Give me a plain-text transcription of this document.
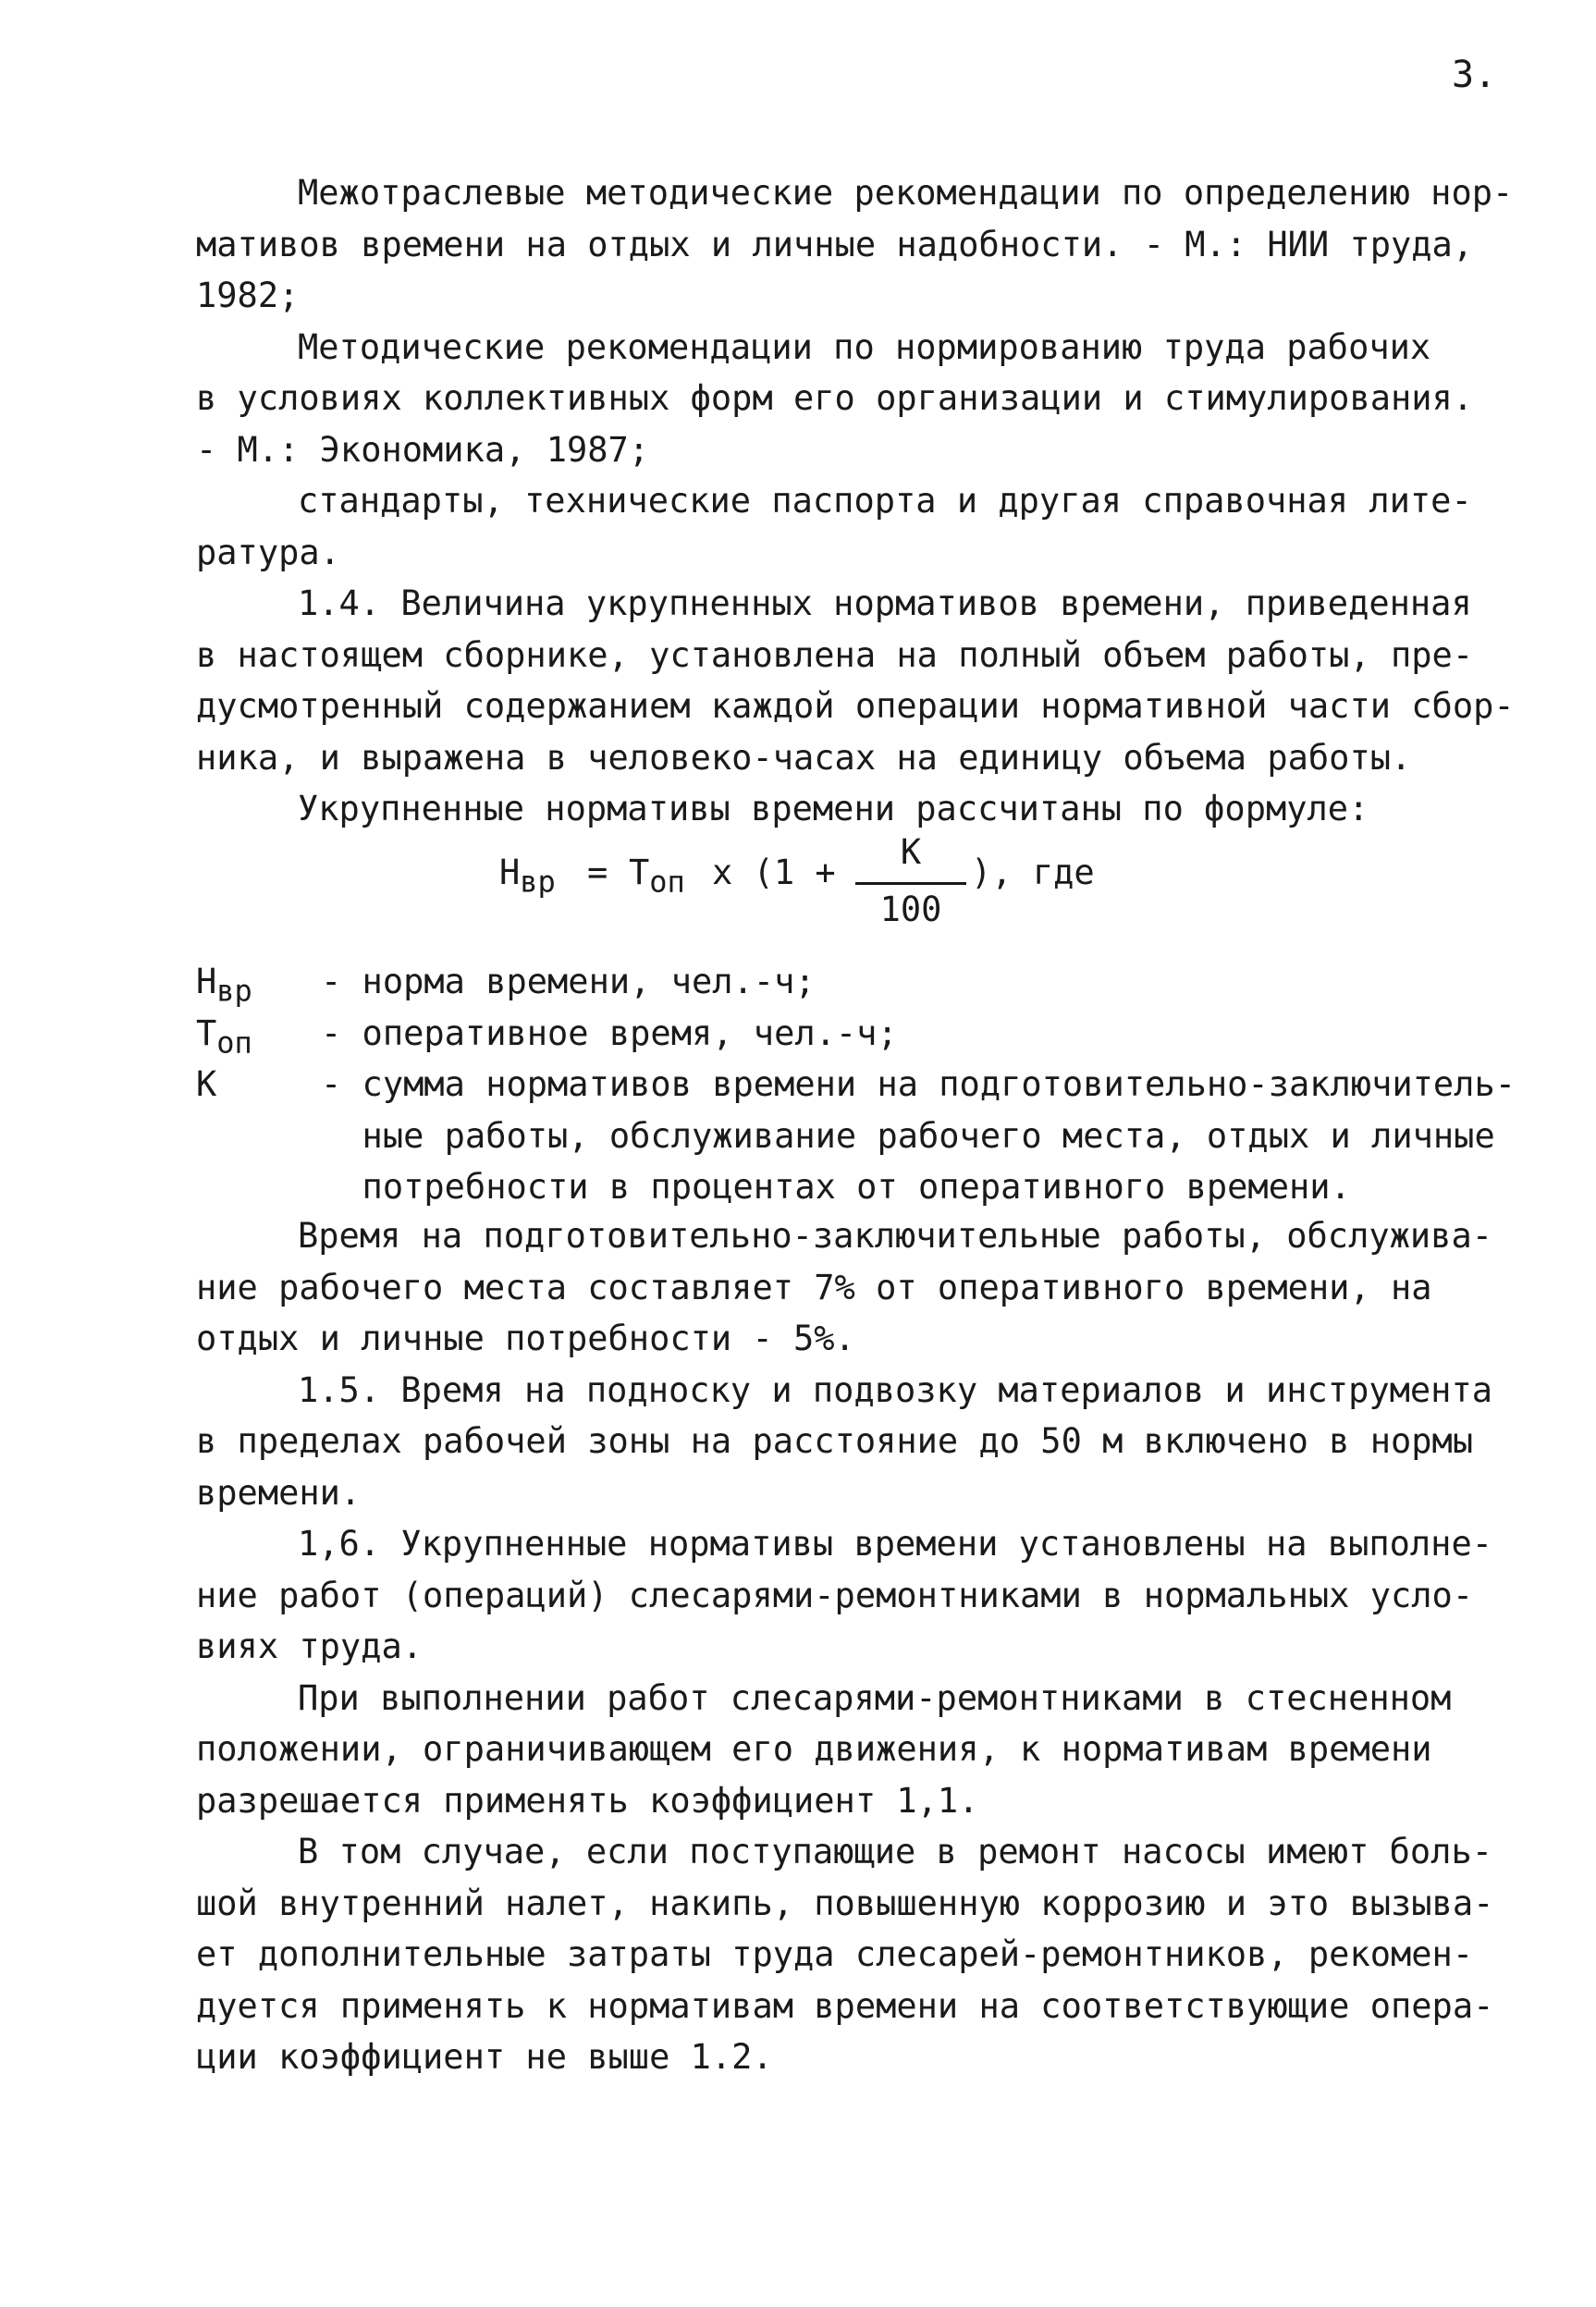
3.
Межотраслевые методические рекомендации по определению нор-
мативов времени на отдых и личные надобности. - М.: НИИ труда,
1982;
Методические рекомендации по нормированию труда рабочих
в условиях коллективных форм его организации и стимулирования.
- М.: Экономика, 1987;
стандарты, технические паспорта и другая справочная лите-
ратура.
1.4. Величина укрупненных нормативов времени, приведенная
в настоящем сборнике, установлена на полный объем работы, пре-
дусмотренный содержанием каждой операции нормативной части сбор-
ника, и выражена в человеко-часах на единицу объема работы.
Укрупненные нормативы времени рассчитаны по формуле:
$Н_{вр} = Т_{оп}$ х (1 +
К
100
), где
$Н_{вр}$ - норма времени, чел.-ч;
$Т_{оп}$ - оперативное время, чел.-ч;
К	- сумма нормативов времени на подготовительно-заключитель-
ные работы, обслуживание рабочего места, отдых и личные
потребности в процентах от оперативного времени.
Время на подготовительно-заключительные работы, обслужива-
ние рабочего места составляет 7% от оперативного времени, на
отдых и личные потребности - 5%.
1.5. Время на подноску и подвозку материалов и инструмента
в пределах рабочей зоны на расстояние до 50 м включено в нормы
времени.
1,6. Укрупненные нормативы времени установлены на выполне-
ние работ (операций) слесарями-ремонтниками в нормальных усло-
виях труда.
При выполнении работ слесарями-ремонтниками в стесненном
положении, ограничивающем его движения, к нормативам времени
разрешается применять коэффициент 1,1.
В том случае, если поступающие в ремонт насосы имеют боль-
шой внутренний налет, накипь, повышенную коррозию и это вызыва-
ет дополнительные затраты труда слесарей-ремонтников, рекомен-
дуется применять к нормативам времени на соответствующие опера-
ции коэффициент не выше 1.2.
